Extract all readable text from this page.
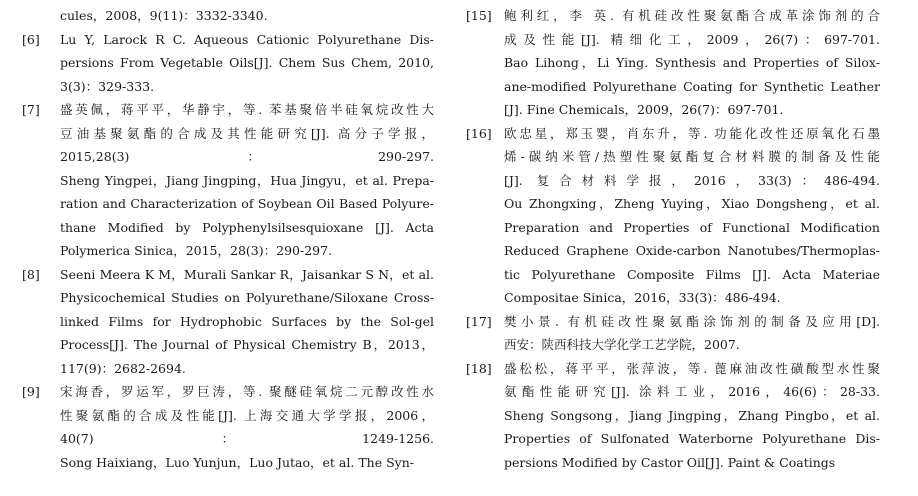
cules，2008，9(11)：3332-3340.
[6]	Lu Y, Larock R C. Aqueous Cationic Polyurethane Dis-
persions From Vegetable Oils[J]. Chem Sus Chem, 2010,
3(3)：329-333.
[7]	盛英佩，蒋平平，华静宇，等. 苯基聚倍半硅氧烷改性大
豆油基聚氨酯的合成及其性能研究[J]. 高分子学报，
2015,28(3)：290-297.
Sheng Yingpei，Jiang Jingping，Hua Jingyu，et al. Prepa-
ration and Characterization of Soybean Oil Based Polyure-
thane Modified by Polyphenylsilsesquioxane [J]. Acta
Polymerica Sinica，2015，28(3)：290-297.
[8]	Seeni Meera K M，Murali Sankar R，Jaisankar S N，et al.
Physicochemical Studies on Polyurethane/Siloxane Cross-
linked Films for Hydrophobic Surfaces by the Sol-gel
Process[J]. The Journal of Physical Chemistry B，2013，
117(9)：2682-2694.
[9]	宋海香，罗运军，罗巨涛，等. 聚醚硅氧烷二元醇改性水
性聚氨酯的合成及性能[J]. 上海交通大学学报，2006，
40(7)：1249-1256.
Song Haixiang，Luo Yunjun，Luo Jutao，et al. The Syn-
[15] 鲍利红，李 英. 有机硅改性聚氨酯合成革涂饰剂的合
成及性能[J]. 精细化工，2009，26(7)：697-701.
Bao Lihong，Li Ying. Synthesis and Properties of Silox-
ane-modified Polyurethane Coating for Synthetic Leather
[J]. Fine Chemicals，2009，26(7)：697-701.
[16] 欧忠星，郑玉婴，肖东升，等. 功能化改性还原氧化石墨
烯-碳纳米管/热塑性聚氨酯复合材料膜的制备及性能
[J]. 复合材料学报，2016，33(3)：486-494.
Ou Zhongxing，Zheng Yuying，Xiao Dongsheng，et al.
Preparation and Properties of Functional Modification
Reduced Graphene Oxide-carbon Nanotubes/Thermoplas-
tic Polyurethane Composite Films [J]. Acta Materiae
Compositae Sinica，2016，33(3)：486-494.
[17] 樊小景. 有机硅改性聚氨酯涂饰剂的制备及应用[D].
西安：陕西科技大学化学工艺学院，2007.
[18] 盛松松，蒋平平，张萍波，等. 蓖麻油改性磺酸型水性聚
氨酯性能研究[J]. 涂料工业，2016，46(6)：28-33.
Sheng Songsong，Jiang Jingping，Zhang Pingbo，et al.
Properties of Sulfonated Waterborne Polyurethane Dis-
persions Modified by Castor Oil[J]. Paint & Coatings
